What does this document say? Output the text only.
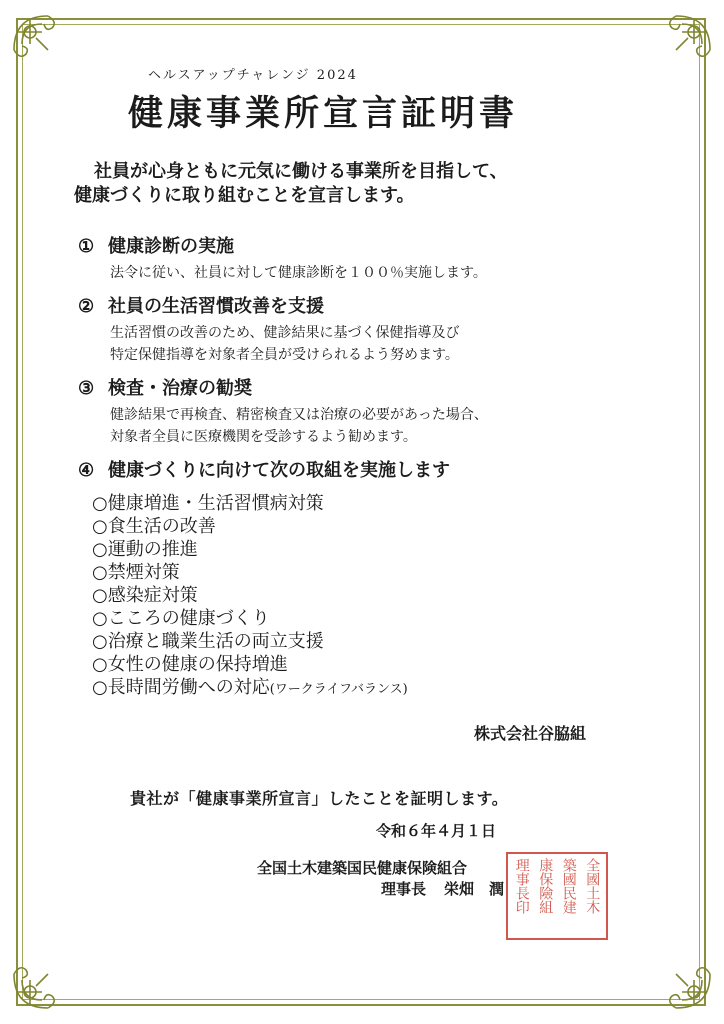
ヘルスアップチャレンジ 2024
健康事業所宣言証明書
社員が心身ともに元気に働ける事業所を目指して、
健康づくりに取り組むことを宣言します。
① 健康診断の実施
法令に従い、社員に対して健康診断を１００％実施します。
② 社員の生活習慣改善を支援
生活習慣の改善のため、健診結果に基づく保健指導及び
特定保健指導を対象者全員が受けられるよう努めます。
③ 検査・治療の勧奨
健診結果で再検査、精密検査又は治療の必要があった場合、
対象者全員に医療機関を受診するよう勧めます。
④ 健康づくりに向けて次の取組を実施します
○健康増進・生活習慣病対策
○食生活の改善
○運動の推進
○禁煙対策
○感染症対策
○こころの健康づくり
○治療と職業生活の両立支援
○女性の健康の保持増進
○長時間労働への対応(ワークライフバランス)
株式会社谷脇組
貴社が「健康事業所宣言」したことを証明します。
令和６年４月１日
全国土木建築国民健康保険組合
理事長 栄畑　潤	全國土木
築國民建
康保險組
理事長印
